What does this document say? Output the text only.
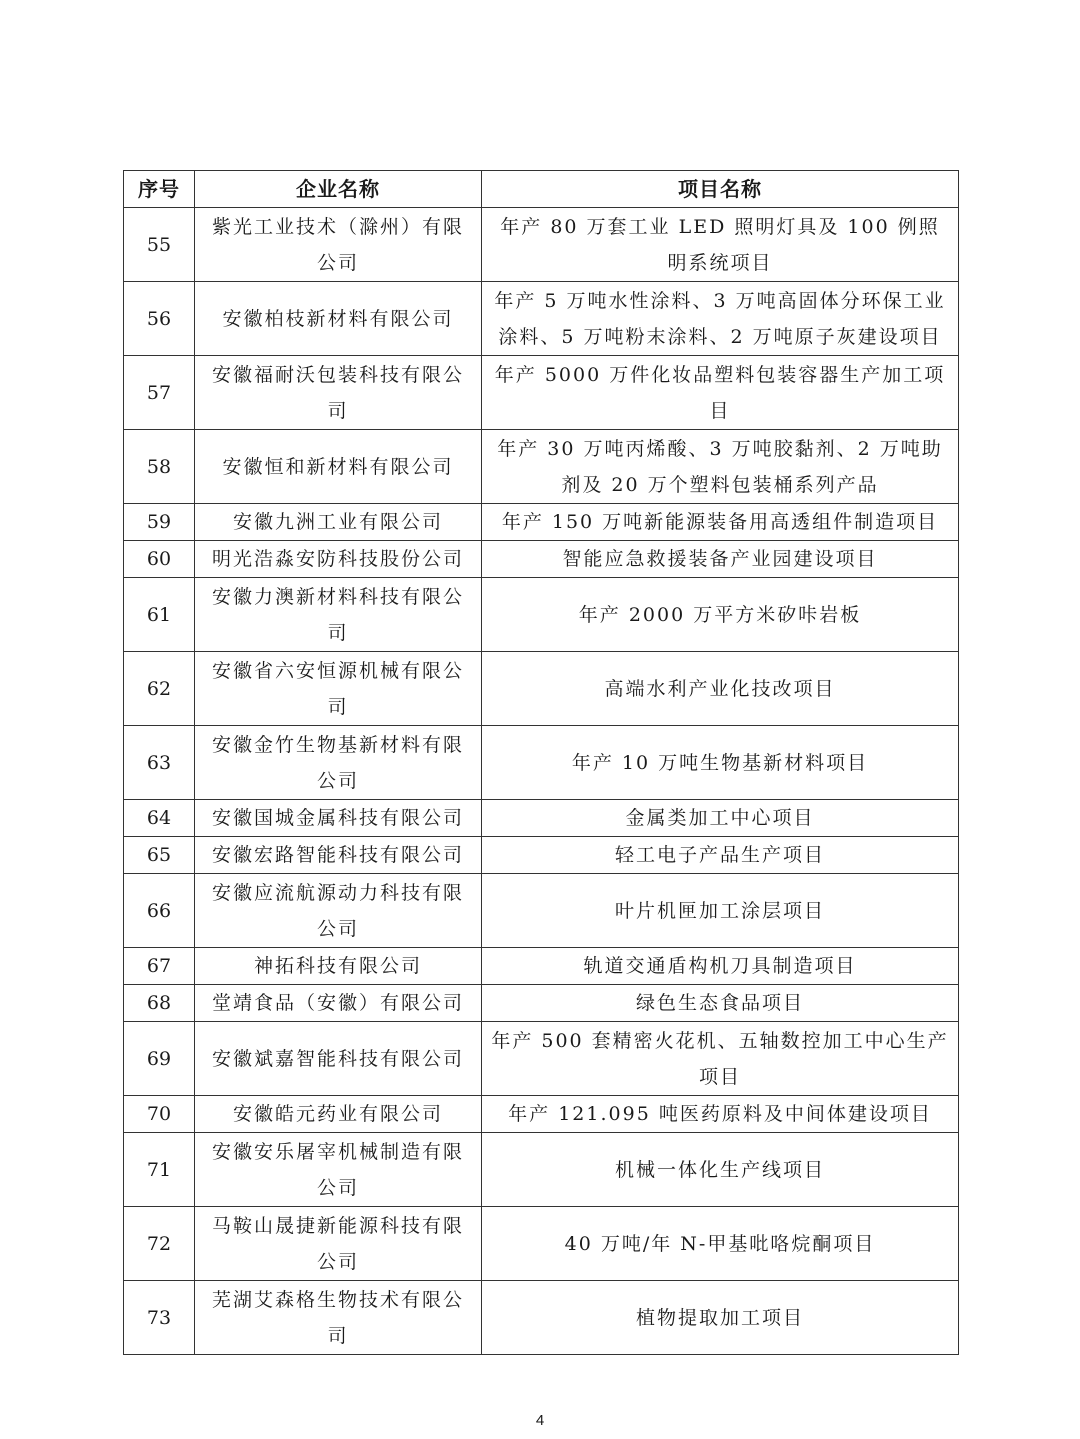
序号	企业名称	项目名称
55	紫光工业技术（滁州）有限公司	年产 80 万套工业 LED 照明灯具及 100 例照明系统项目
56	安徽柏枝新材料有限公司	年产 5 万吨水性涂料、3 万吨高固体分环保工业涂料、5 万吨粉末涂料、2 万吨原子灰建设项目
57	安徽福耐沃包装科技有限公司	年产 5000 万件化妆品塑料包装容器生产加工项目
58	安徽恒和新材料有限公司	年产 30 万吨丙烯酸、3 万吨胶黏剂、2 万吨助剂及 20 万个塑料包装桶系列产品
59	安徽九洲工业有限公司	年产 150 万吨新能源装备用高透组件制造项目
60	明光浩淼安防科技股份公司	智能应急救援装备产业园建设项目
61	安徽力澳新材料科技有限公司	年产 2000 万平方米矽咔岩板
62	安徽省六安恒源机械有限公司	高端水利产业化技改项目
63	安徽金竹生物基新材料有限公司	年产 10 万吨生物基新材料项目
64	安徽国城金属科技有限公司	金属类加工中心项目
65	安徽宏路智能科技有限公司	轻工电子产品生产项目
66	安徽应流航源动力科技有限公司	叶片机匣加工涂层项目
67	神拓科技有限公司	轨道交通盾构机刀具制造项目
68	堂靖食品（安徽）有限公司	绿色生态食品项目
69	安徽斌嘉智能科技有限公司	年产 500 套精密火花机、五轴数控加工中心生产项目
70	安徽皓元药业有限公司	年产 121.095 吨医药原料及中间体建设项目
71	安徽安乐屠宰机械制造有限公司	机械一体化生产线项目
72	马鞍山晟捷新能源科技有限公司	40 万吨/年 N-甲基吡咯烷酮项目
73	芜湖艾森格生物技术有限公司	植物提取加工项目
4
